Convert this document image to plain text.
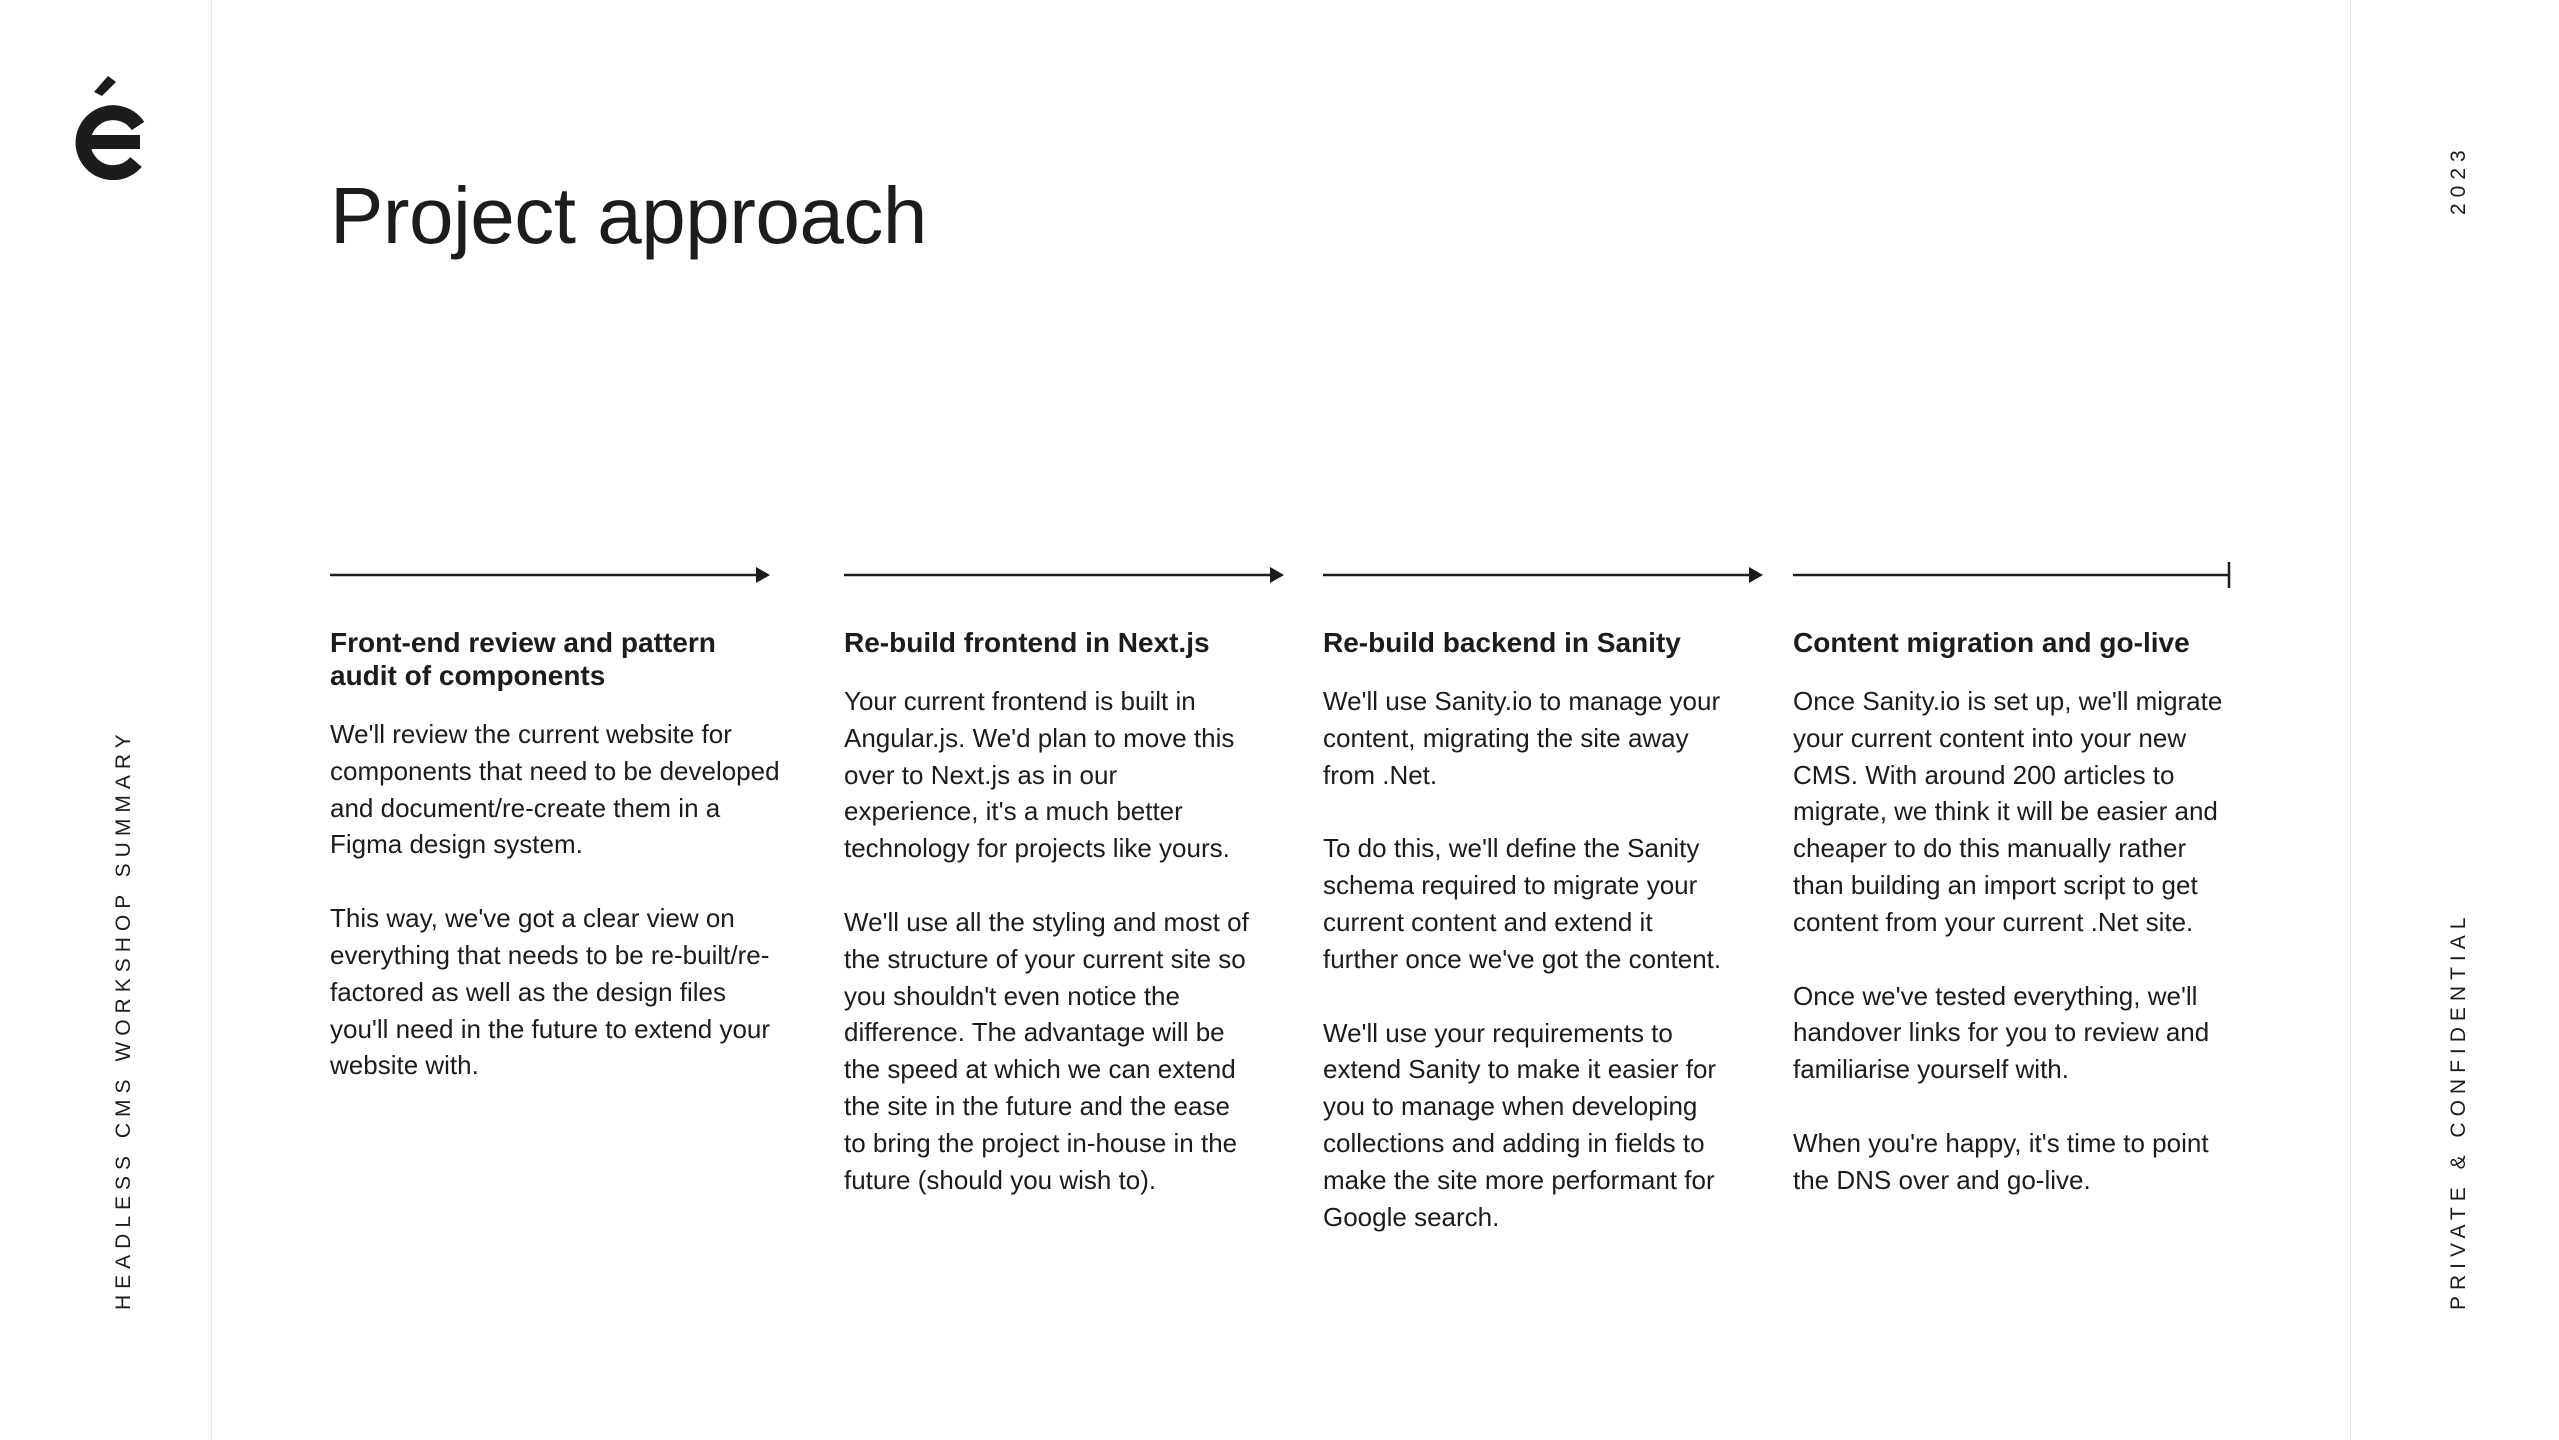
HEADLESS CMS WORKSHOP SUMMARY
2023
PRIVATE & CONFIDENTIAL
Project approach
Front-end review and pattern audit of components

We'll review the current website for components that need to be developed and document/re-create them in a Figma design system.

This way, we've got a clear view on everything that needs to be re-built/re-factored as well as the design files you'll need in the future to extend your website with.

Re-build frontend in Next.js

Your current frontend is built in Angular.js. We'd plan to move this over to Next.js as in our experience, it's a much better technology for projects like yours.

We'll use all the styling and most of the structure of your current site so you shouldn't even notice the difference. The advantage will be the speed at which we can extend the site in the future and the ease to bring the project in-house in the future (should you wish to).

Re-build backend in Sanity

We'll use Sanity.io to manage your content, migrating the site away from .Net.

To do this, we'll define the Sanity schema required to migrate your current content and extend it further once we've got the content.

We'll use your requirements to extend Sanity to make it easier for you to manage when developing collections and adding in fields to make the site more performant for Google search.

Content migration and go-live

Once Sanity.io is set up, we'll migrate your current content into your new CMS. With around 200 articles to migrate, we think it will be easier and cheaper to do this manually rather than building an import script to get content from your current .Net site.

Once we've tested everything, we'll handover links for you to review and familiarise yourself with.

When you're happy, it's time to point the DNS over and go-live.
